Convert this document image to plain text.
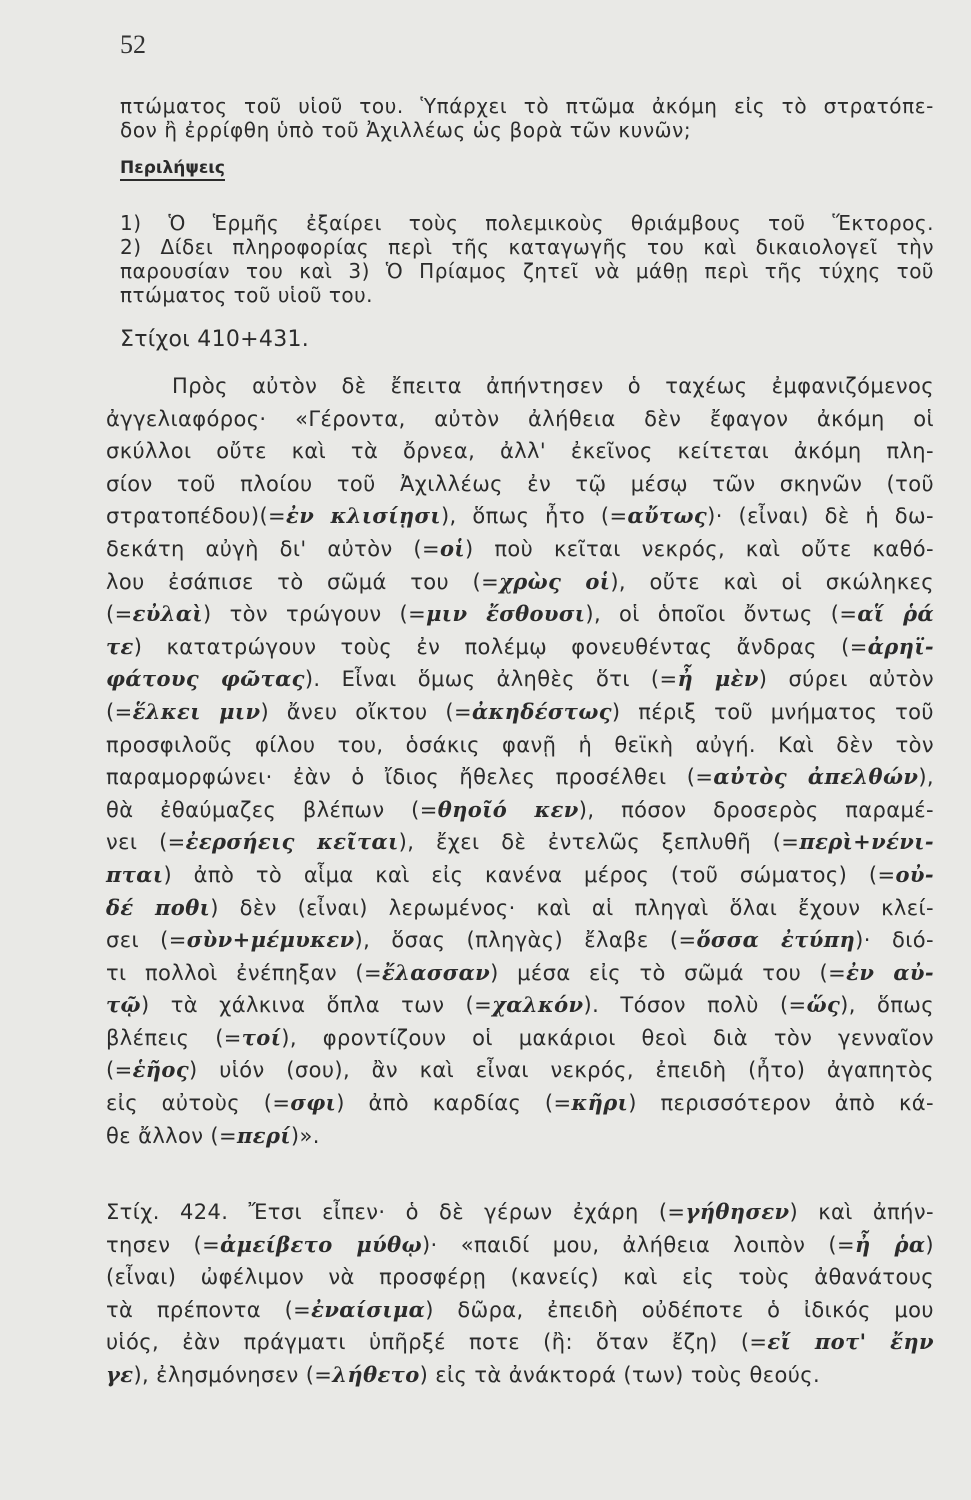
52
πτώματος τοῦ υἱοῦ του. Ὑπάρχει τὸ πτῶμα ἀκόμη εἰς τὸ στρατόπε-
δον ἢ ἐρρίφθη ὑπὸ τοῦ Ἀχιλλέως ὡς βορὰ τῶν κυνῶν;
Περιλήψεις
1) Ὁ Ἑρμῆς ἐξαίρει τοὺς πολεμικοὺς θριάμβους τοῦ Ἕκτορος.
2) Δίδει πληροφορίας περὶ τῆς καταγωγῆς του καὶ δικαιολογεῖ τὴν
παρουσίαν του καὶ 3) Ὁ Πρίαμος ζητεῖ νὰ μάθῃ περὶ τῆς τύχης τοῦ
πτώματος τοῦ υἱοῦ του.
Στίχοι 410+431.
Πρὸς αὐτὸν δὲ ἔπειτα ἀπήντησεν ὁ ταχέως ἐμφανιζόμενος
ἀγγελιαφόρος· «Γέροντα, αὐτὸν ἀλήθεια δὲν ἔφαγον ἀκόμη οἱ
σκύλλοι οὔτε καὶ τὰ ὄρνεα, ἀλλ' ἐκεῖνος κείτεται ἀκόμη πλη-
σίον τοῦ πλοίου τοῦ Ἀχιλλέως ἐν τῷ μέσῳ τῶν σκηνῶν (τοῦ
στρατοπέδου)(=ἐν κλισίῃσι), ὅπως ἦτο (=αὔτως)· (εἶναι) δὲ ἡ δω-
δεκάτη αὐγὴ δι' αὐτὸν (=οἱ) ποὺ κεῖται νεκρός, καὶ οὔτε καθό-
λου ἐσάπισε τὸ σῶμά του (=χρὼς οἱ), οὔτε καὶ οἱ σκώληκες
(=εὐλαὶ) τὸν τρώγουν (=μιν ἔσθουσι), οἱ ὁποῖοι ὄντως (=αἵ ῥά
τε) κατατρώγουν τοὺς ἐν πολέμῳ φονευθέντας ἄνδρας (=ἀρηϊ-
φάτους φῶτας). Εἶναι ὅμως ἀληθὲς ὅτι (=ἦ μὲν) σύρει αὐτὸν
(=ἕλκει μιν) ἄνευ οἴκτου (=ἀκηδέστως) πέριξ τοῦ μνήματος τοῦ
προσφιλοῦς φίλου του, ὁσάκις φανῇ ἡ θεϊκὴ αὐγή. Καὶ δὲν τὸν
παραμορφώνει· ἐὰν ὁ ἴδιος ἤθελες προσέλθει (=αὐτὸς ἀπελθών),
θὰ ἐθαύμαζες βλέπων (=θηοῖό κεν), πόσον δροσερὸς παραμέ-
νει (=ἐερσήεις κεῖται), ἔχει δὲ ἐντελῶς ξεπλυθῆ (=περὶ+νένι-
πται) ἀπὸ τὸ αἷμα καὶ εἰς κανένα μέρος (τοῦ σώματος) (=οὐ-
δέ ποθι) δὲν (εἶναι) λερωμένος· καὶ αἱ πληγαὶ ὅλαι ἔχουν κλεί-
σει (=σὺν+μέμυκεν), ὅσας (πληγὰς) ἔλαβε (=ὅσσα ἐτύπη)· διό-
τι πολλοὶ ἐνέπηξαν (=ἔλασσαν) μέσα εἰς τὸ σῶμά του (=ἐν αὐ-
τῷ) τὰ χάλκινα ὅπλα των (=χαλκόν). Τόσον πολὺ (=ὥς), ὅπως
βλέπεις (=τοί), φροντίζουν οἱ μακάριοι θεοὶ διὰ τὸν γενναῖον
(=ἑῆος) υἱόν (σου), ἂν καὶ εἶναι νεκρός, ἐπειδὴ (ἦτο) ἀγαπητὸς
εἰς αὐτοὺς (=σφι) ἀπὸ καρδίας (=κῆρι) περισσότερον ἀπὸ κά-
θε ἄλλον (=περί)».
Στίχ. 424. Ἔτσι εἶπεν· ὁ δὲ γέρων ἐχάρη (=γήθησεν) καὶ ἀπήν-
τησεν (=ἀμείβετο μύθῳ)· «παιδί μου, ἀλήθεια λοιπὸν (=ἦ ῥα)
(εἶναι) ὠφέλιμον νὰ προσφέρῃ (κανείς) καὶ εἰς τοὺς ἀθανάτους
τὰ πρέποντα (=ἐναίσιμα) δῶρα, ἐπειδὴ οὐδέποτε ὁ ἰδικός μου
υἱός, ἐὰν πράγματι ὑπῆρξέ ποτε (ἢ: ὅταν ἔζη) (=εἴ ποτ' ἔην
γε), ἐλησμόνησεν (=λήθετο) εἰς τὰ ἀνάκτορά (των) τοὺς θεούς.
